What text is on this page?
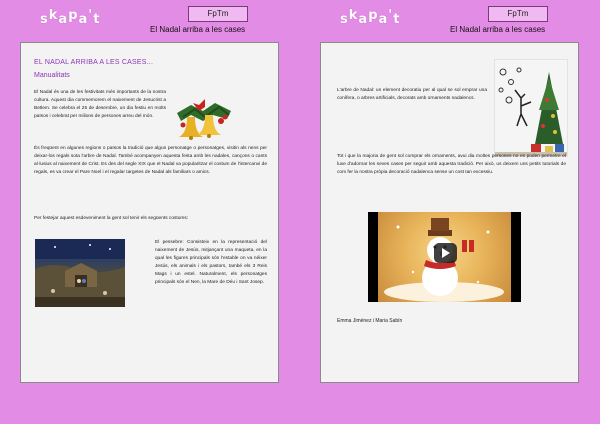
skapa't	FpTm
El Nadal arriba a les cases
EL NADAL ARRIBA A LES CASES...
Manualitats
El Nadal és una de les festivitats més importants de la nostra cultura. Aquest dia commemorem el naixement de Jesucrist a Betlem. Se celebra el 25 de desembre, un dia festiu en molts països i celebrat per milions de persones arreu del món.
És freqüent en algunes regions o països la tradició que algun personatge o personatges, visitin als nens per deixar-los regals sota l'arbre de Nadal. També acompanyen aquesta festa amb les nadales, cançons o cants al·lusius al naixement de Crist. Es des del segle XIX que el Nadal va popularitzar el costum de l'intercanvi de regals, es va crear el Pare Noel i el regalar targetes de Nadal als familiars o amics.
Per festejar aquest esdeveniment la gent sol tenir els següents costums:
El pessebre: Consisteix en la representació del naixement de Jesús, mitjançant una maqueta, en la qual les figures principals són l'estable on va néixer Jesús, els animals i els pastors, també els 3 Reis Mags i un estel. Naturalment, els personatges principals són el Nen, la Mare de Déu i Sant Josep.
skapa't	FpTm
El Nadal arriba a les cases
L'arbre de Nadal: un element decoratiu per al qual se sol emprar una conífera, o arbres artificials, decorats amb ornaments nadalencs.
Tot i que la majoria de gent sol comprar els ornaments, avui dia moltes persones no es poden permetre el luxe d'adornar les seves cases per seguir amb aquesta tradició. Per això, us deixem uns petits tutorials de com fer la nostra pròpia decoració nadalenca sense un cost tan excessiu.
Emma Jiménez i Maria Sabín
